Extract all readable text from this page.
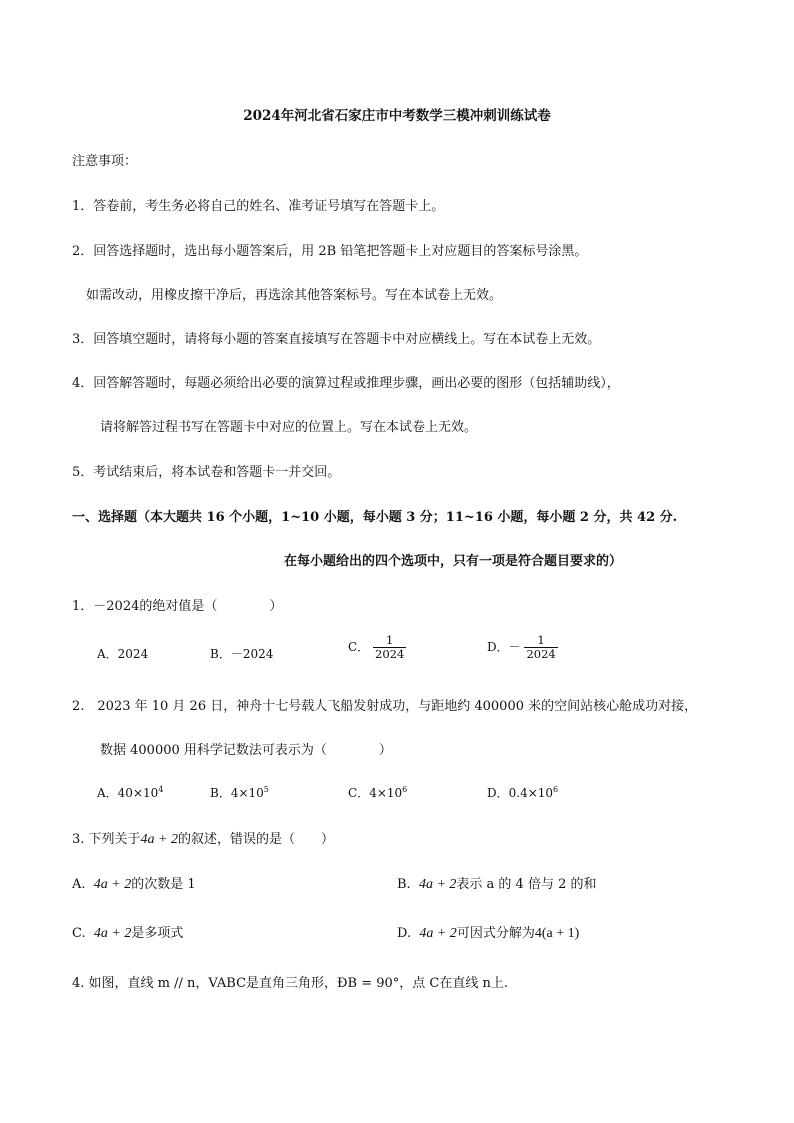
2024年河北省石家庄市中考数学三模冲刺训练试卷
注意事项：
1．答卷前，考生务必将自己的姓名、准考证号填写在答题卡上。
2．回答选择题时，选出每小题答案后，用 2B 铅笔把答题卡上对应题目的答案标号涂黑。
如需改动，用橡皮擦干净后，再选涂其他答案标号。写在本试卷上无效。
3．回答填空题时，请将每小题的答案直接填写在答题卡中对应横线上。写在本试卷上无效。
4．回答解答题时，每题必须给出必要的演算过程或推理步骤，画出必要的图形（包括辅助线），
请将解答过程书写在答题卡中对应的位置上。写在本试卷上无效。
5．考试结束后，将本试卷和答题卡一并交回。
一、选择题（本大题共 16 个小题，1~10 小题，每小题 3 分；11~16 小题，每小题 2 分，共 42 分.
在每小题给出的四个选项中，只有一项是符合题目要求的）
1．－2024的绝对值是（　　　　）
A．2024	B．－2024	C． $\frac{1}{2024}$	D．－ $\frac{1}{2024}$
2.　2023 年 10 月 26 日，神舟十七号载人飞船发射成功，与距地约 400000 米的空间站核心舱成功对接，
数据 400000 用科学记数法可表示为（　　　　）
A．$40\times 10^4$	B．$4\times 10^5$	C．$4\times 10^6$	D．$0.4\times 10^6$
3. 下列关于4a + 2的叙述，错误的是（　　）
A. 4a + 2的次数是 1	B. 4a + 2表示 a 的 4 倍与 2 的和
C. 4a + 2是多项式	D. 4a + 2可因式分解为4(a + 1)
4. 如图，直线 m // n，VABC是直角三角形，ÐB = 90°，点 C在直线 n上.
